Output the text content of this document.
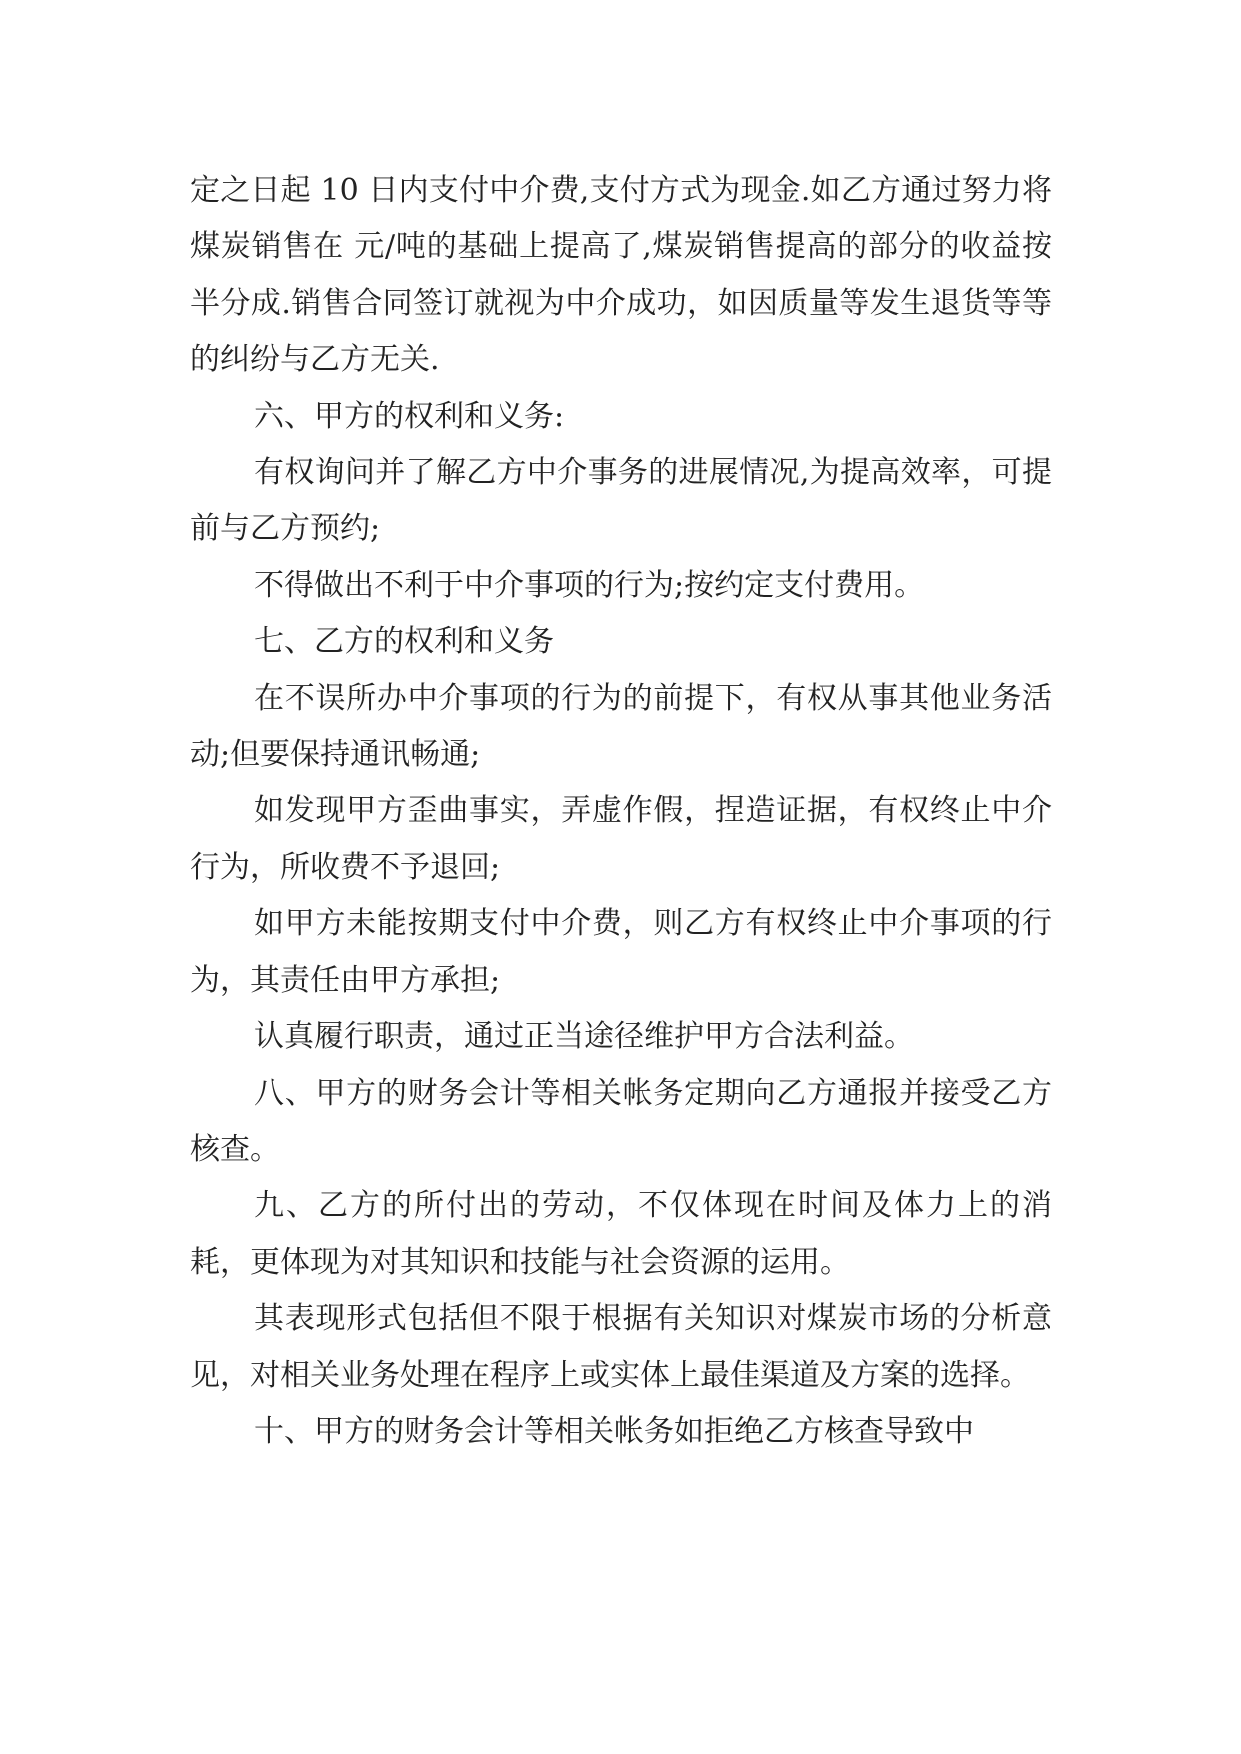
定之日起 10 日内支付中介费,支付方式为现金.如乙方通过努力将煤炭销售在 元/吨的基础上提高了,煤炭销售提高的部分的收益按半分成.销售合同签订就视为中介成功，如因质量等发生退货等等的纠纷与乙方无关.

六、甲方的权利和义务:

有权询问并了解乙方中介事务的进展情况,为提高效率，可提前与乙方预约;

不得做出不利于中介事项的行为;按约定支付费用。

七、乙方的权利和义务

在不误所办中介事项的行为的前提下，有权从事其他业务活动;但要保持通讯畅通;

如发现甲方歪曲事实，弄虚作假，捏造证据，有权终止中介行为，所收费不予退回;

如甲方未能按期支付中介费，则乙方有权终止中介事项的行为，其责任由甲方承担;

认真履行职责，通过正当途径维护甲方合法利益。

八、甲方的财务会计等相关帐务定期向乙方通报并接受乙方核查。

九、乙方的所付出的劳动，不仅体现在时间及体力上的消耗，更体现为对其知识和技能与社会资源的运用。

其表现形式包括但不限于根据有关知识对煤炭市场的分析意见，对相关业务处理在程序上或实体上最佳渠道及方案的选择。

十、甲方的财务会计等相关帐务如拒绝乙方核查导致中
